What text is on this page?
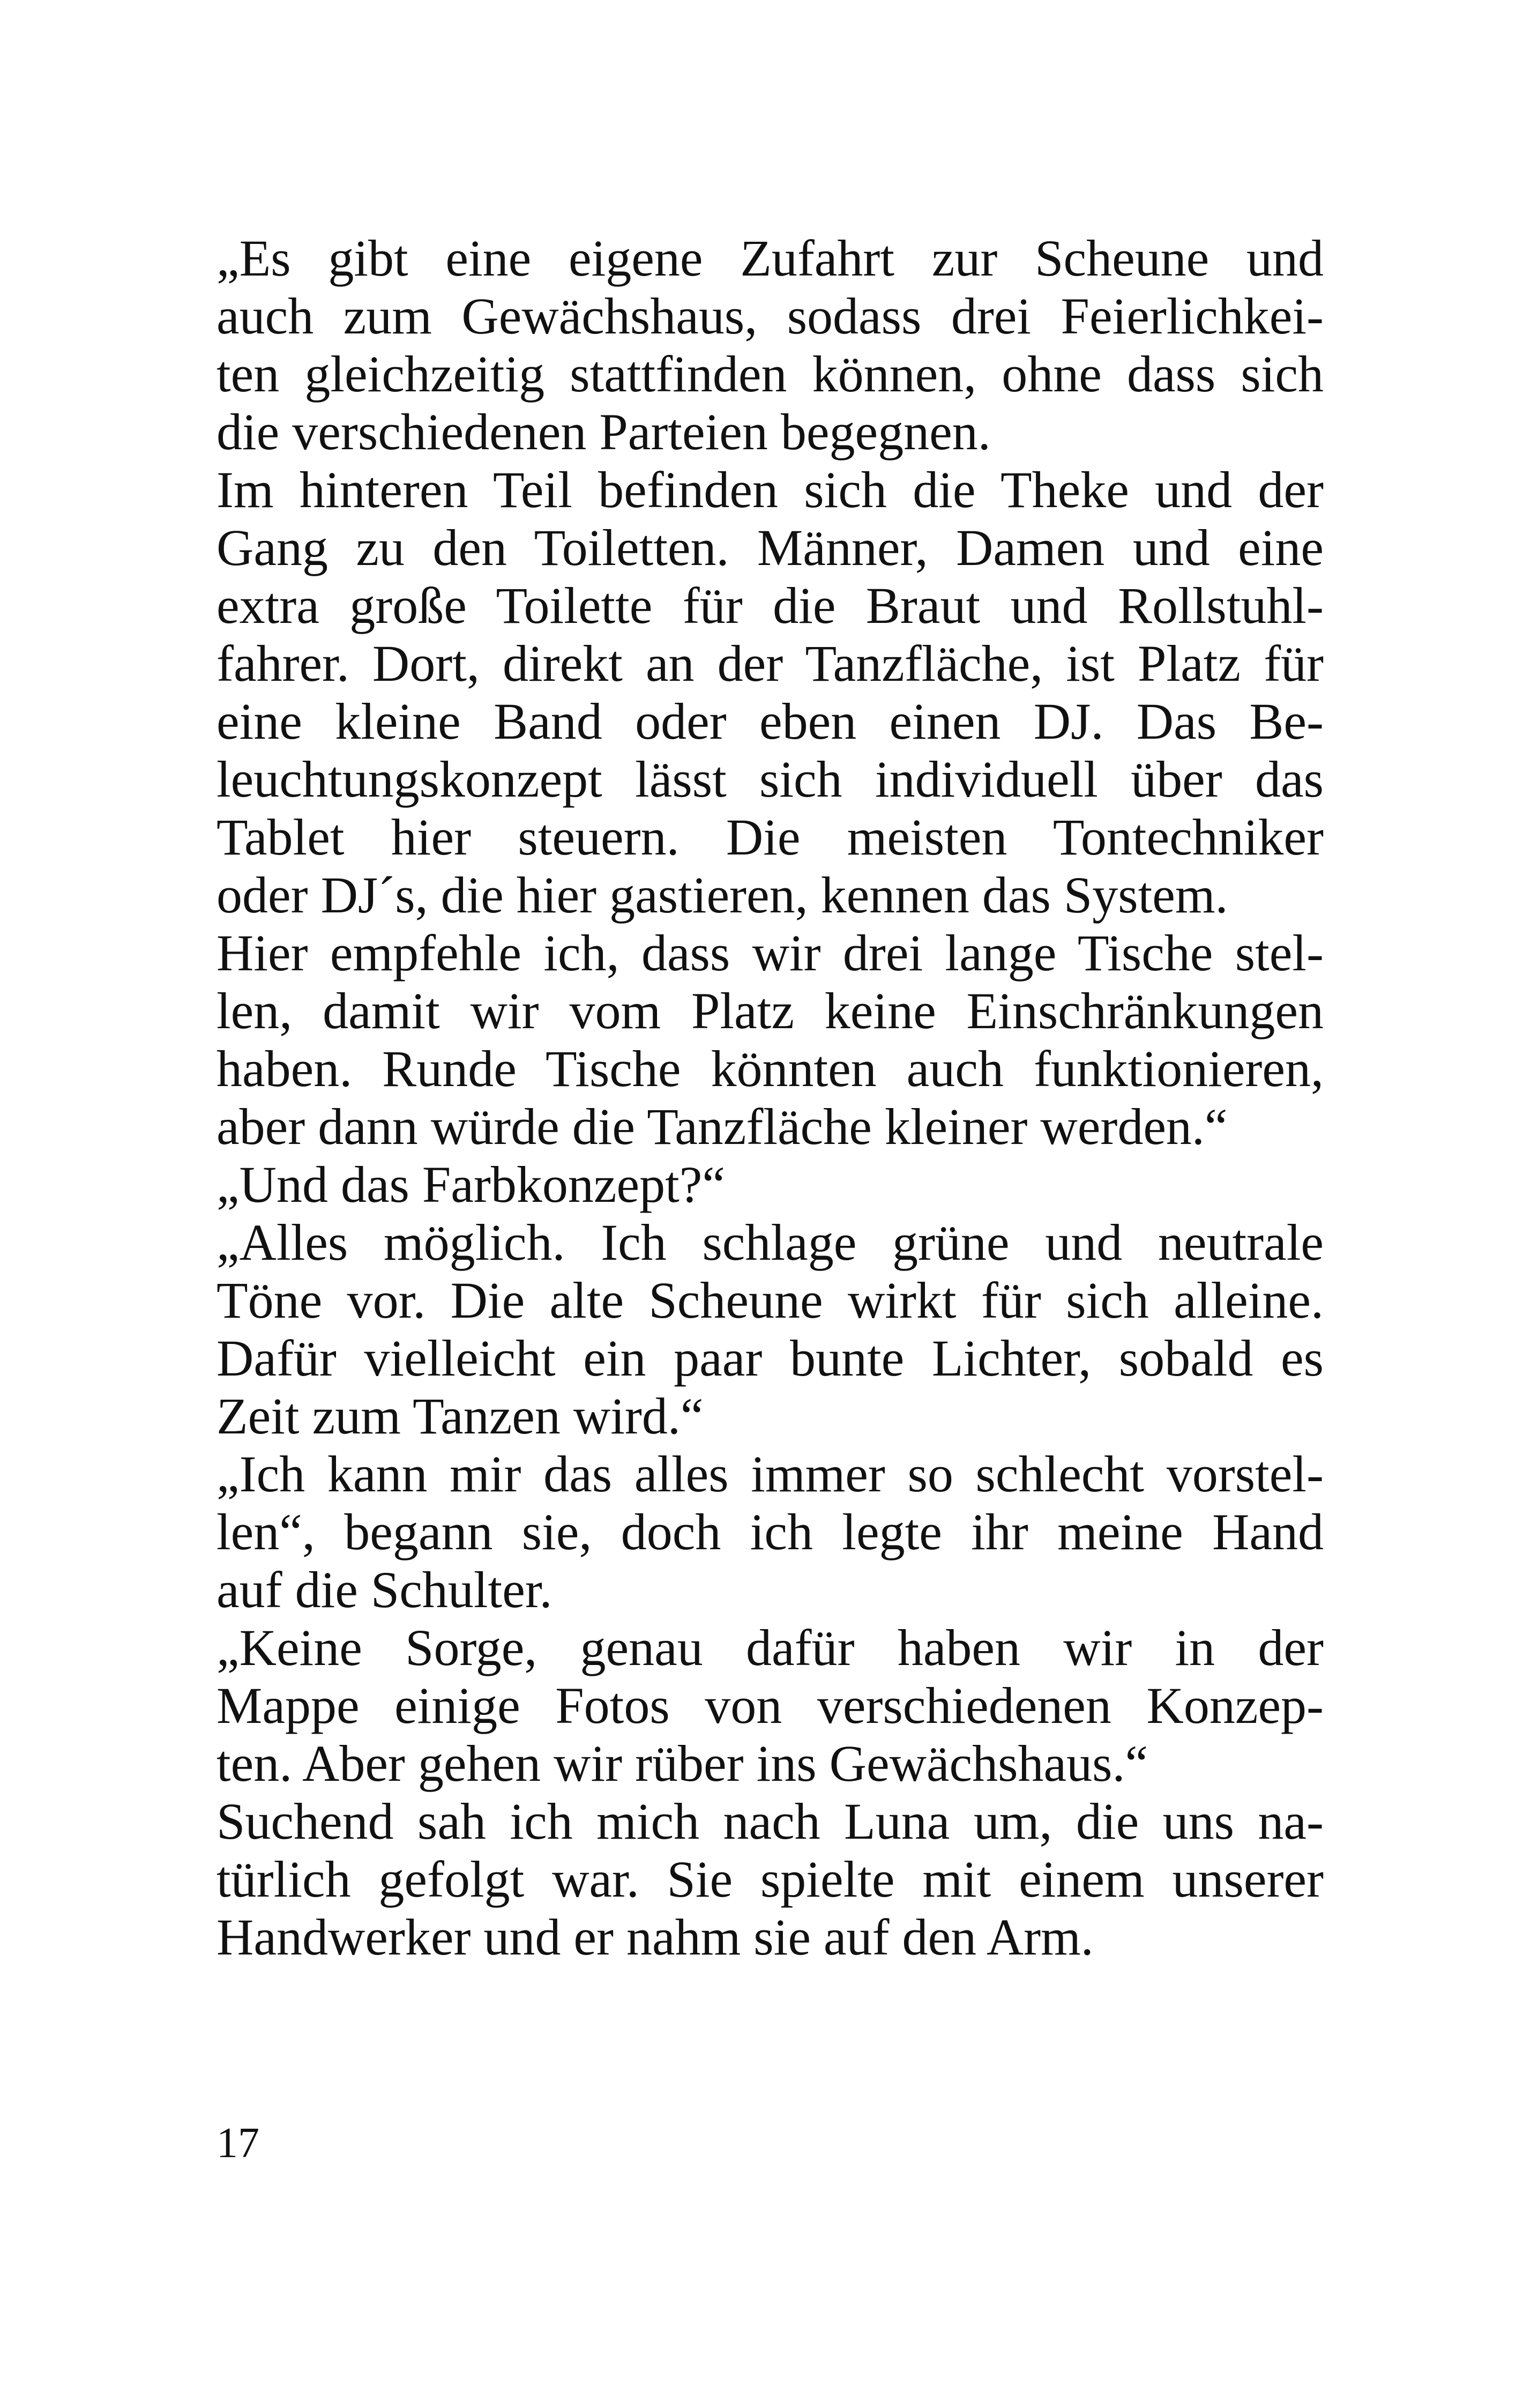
„Es gibt eine eigene Zufahrt zur Scheune und
auch zum Gewächshaus, sodass drei Feierlichkei-
ten gleichzeitig stattfinden können, ohne dass sich
die verschiedenen Parteien begegnen.
Im hinteren Teil befinden sich die Theke und der
Gang zu den Toiletten. Männer, Damen und eine
extra große Toilette für die Braut und Rollstuhl-
fahrer. Dort, direkt an der Tanzfläche, ist Platz für
eine kleine Band oder eben einen DJ. Das Be-
leuchtungskonzept lässt sich individuell über das
Tablet hier steuern. Die meisten Tontechniker
oder DJ´s, die hier gastieren, kennen das System.
Hier empfehle ich, dass wir drei lange Tische stel-
len, damit wir vom Platz keine Einschränkungen
haben. Runde Tische könnten auch funktionieren,
aber dann würde die Tanzfläche kleiner werden.“
„Und das Farbkonzept?“
„Alles möglich. Ich schlage grüne und neutrale
Töne vor. Die alte Scheune wirkt für sich alleine.
Dafür vielleicht ein paar bunte Lichter, sobald es
Zeit zum Tanzen wird.“
„Ich kann mir das alles immer so schlecht vorstel-
len“, begann sie, doch ich legte ihr meine Hand
auf die Schulter.
„Keine Sorge, genau dafür haben wir in der
Mappe einige Fotos von verschiedenen Konzep-
ten. Aber gehen wir rüber ins Gewächshaus.“
Suchend sah ich mich nach Luna um, die uns na-
türlich gefolgt war. Sie spielte mit einem unserer
Handwerker und er nahm sie auf den Arm.
17
